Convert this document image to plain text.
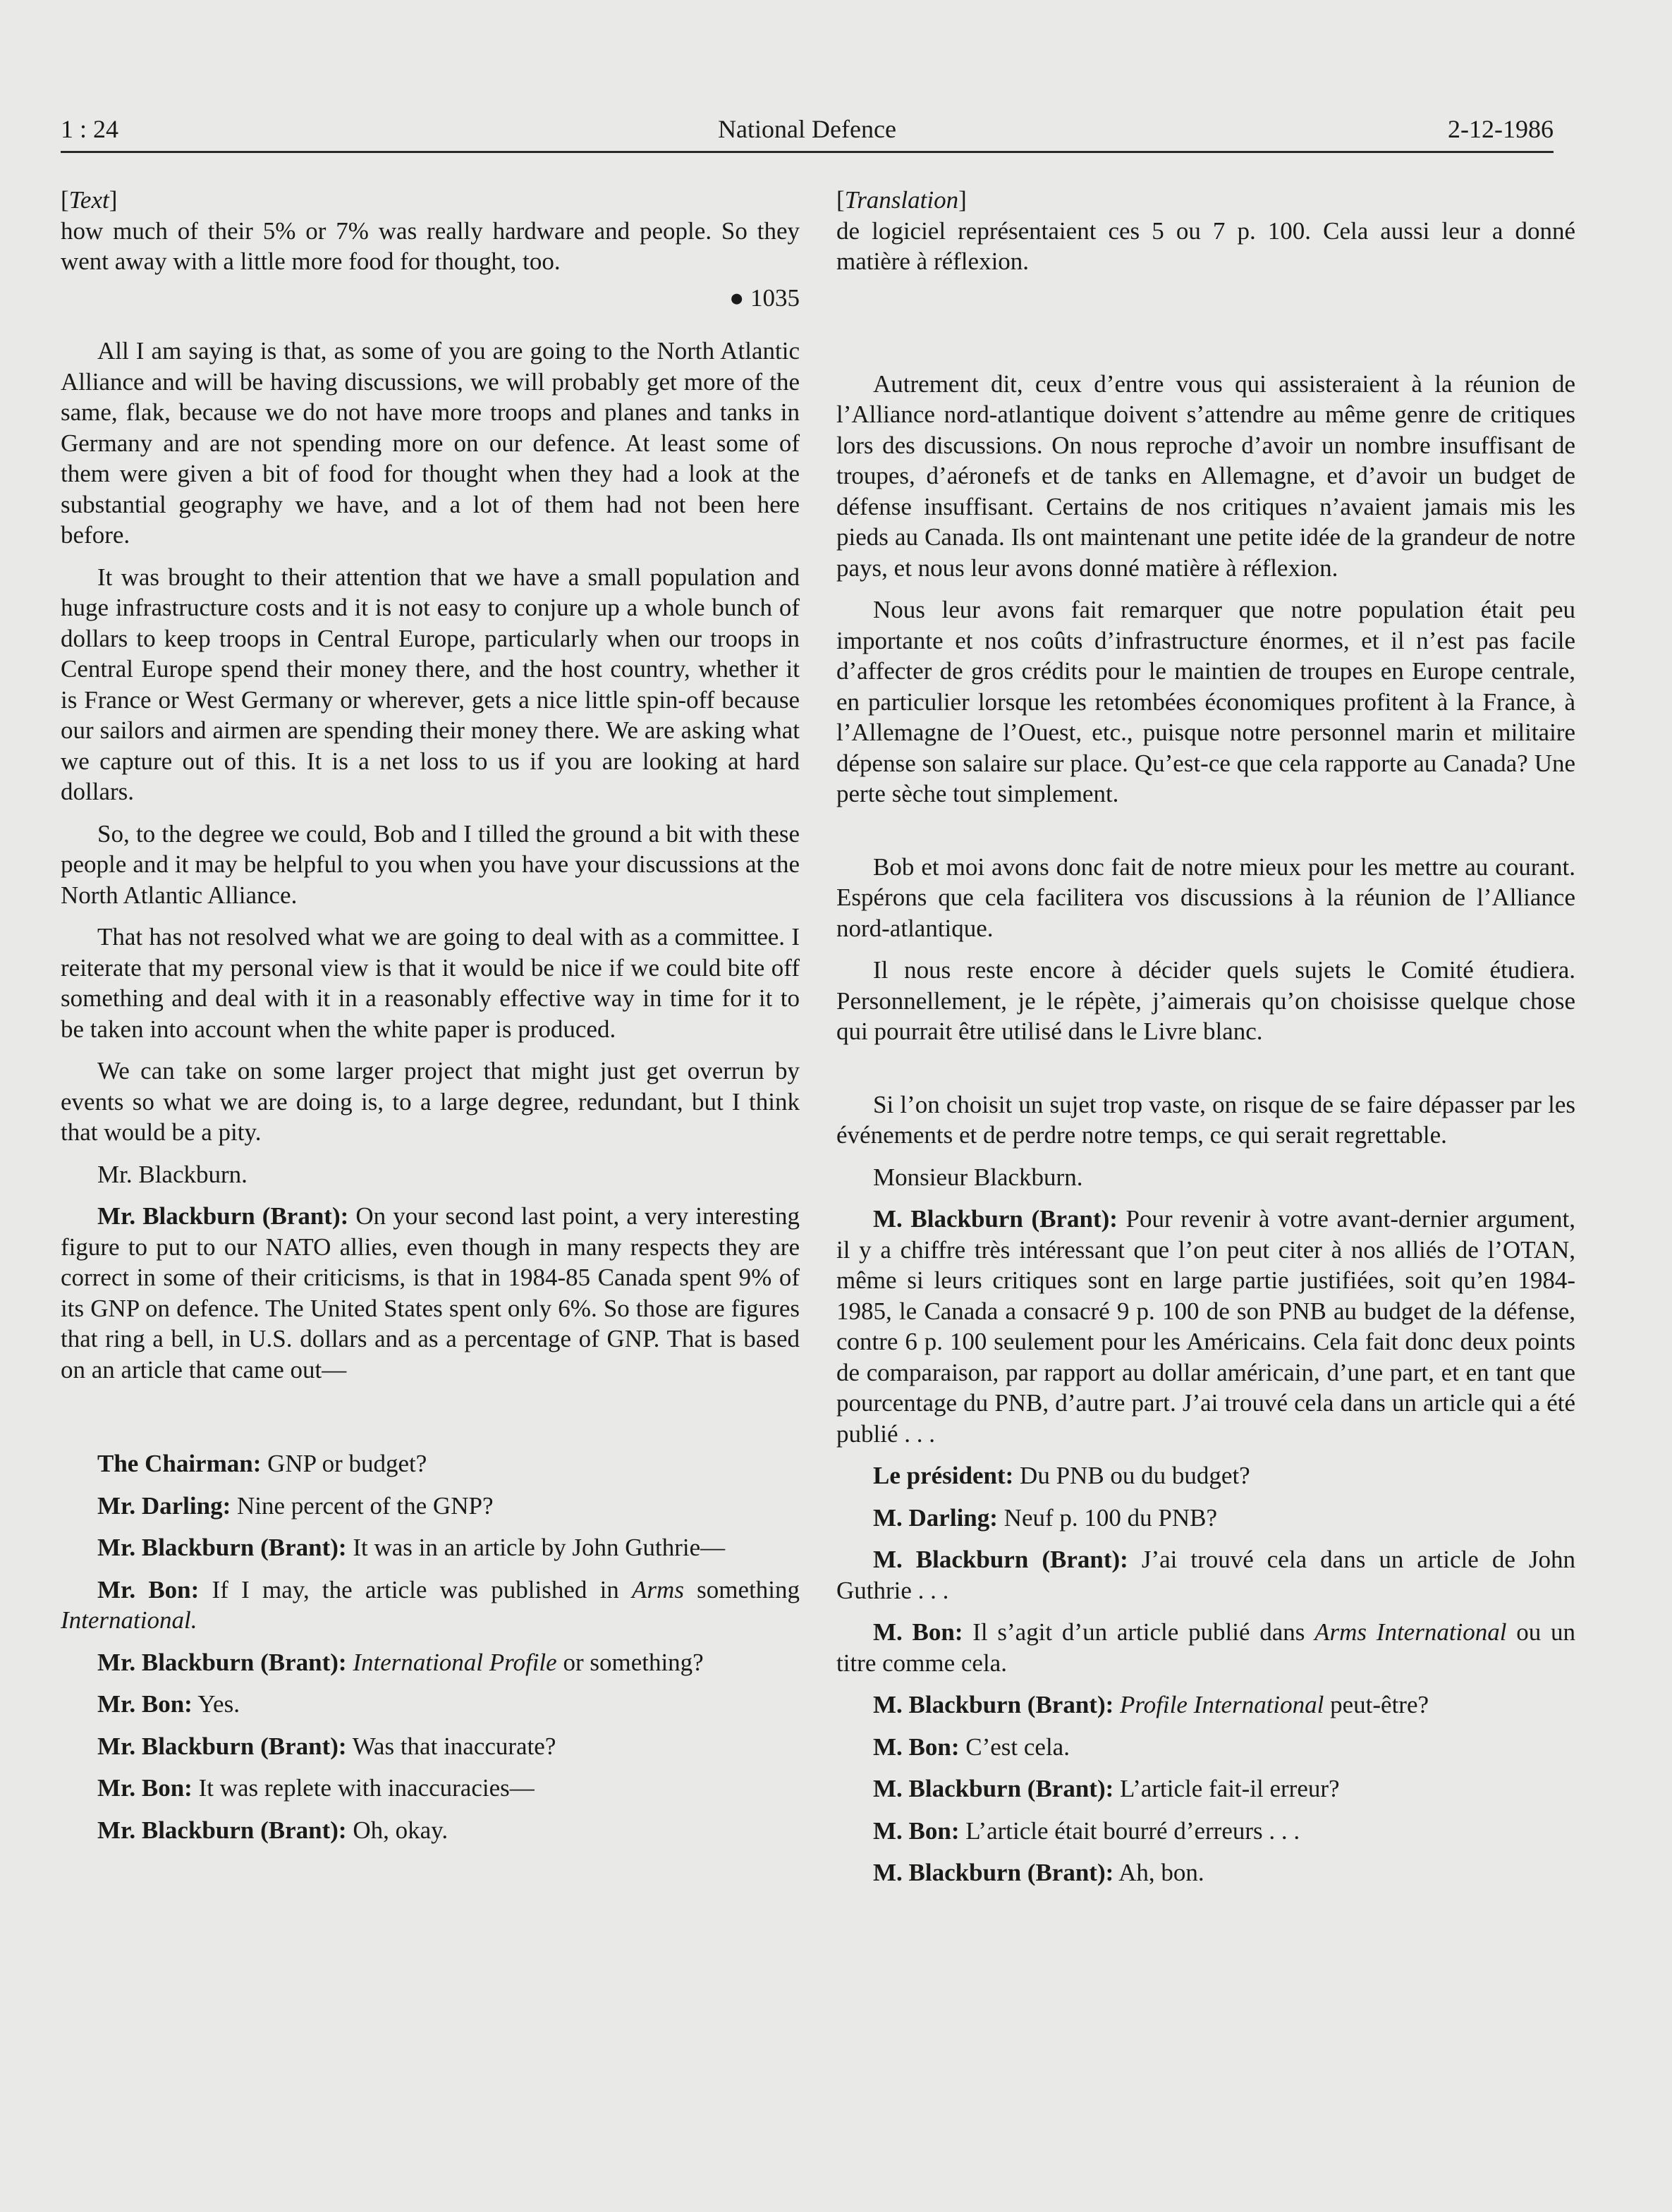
1 : 24	National Defence	2-12-1986

[Text]

how much of their 5% or 7% was really hardware and people. So they went away with a little more food for thought, too.

● 1035

All I am saying is that, as some of you are going to the North Atlantic Alliance and will be having discussions, we will probably get more of the same, flak, because we do not have more troops and planes and tanks in Germany and are not spending more on our defence. At least some of them were given a bit of food for thought when they had a look at the substantial geography we have, and a lot of them had not been here before.

It was brought to their attention that we have a small population and huge infrastructure costs and it is not easy to conjure up a whole bunch of dollars to keep troops in Central Europe, particularly when our troops in Central Europe spend their money there, and the host country, whether it is France or West Germany or wherever, gets a nice little spin-off because our sailors and airmen are spending their money there. We are asking what we capture out of this. It is a net loss to us if you are looking at hard dollars.

So, to the degree we could, Bob and I tilled the ground a bit with these people and it may be helpful to you when you have your discussions at the North Atlantic Alliance.

That has not resolved what we are going to deal with as a committee. I reiterate that my personal view is that it would be nice if we could bite off something and deal with it in a reasonably effective way in time for it to be taken into account when the white paper is produced.

We can take on some larger project that might just get overrun by events so what we are doing is, to a large degree, redundant, but I think that would be a pity.

Mr. Blackburn.

Mr. Blackburn (Brant): On your second last point, a very interesting figure to put to our NATO allies, even though in many respects they are correct in some of their criticisms, is that in 1984-85 Canada spent 9% of its GNP on defence. The United States spent only 6%. So those are figures that ring a bell, in U.S. dollars and as a percentage of GNP. That is based on an article that came out—

The Chairman: GNP or budget?

Mr. Darling: Nine percent of the GNP?

Mr. Blackburn (Brant): It was in an article by John Guthrie—

Mr. Bon: If I may, the article was published in Arms something International.

Mr. Blackburn (Brant): International Profile or something?

Mr. Bon: Yes.

Mr. Blackburn (Brant): Was that inaccurate?

Mr. Bon: It was replete with inaccuracies—

Mr. Blackburn (Brant): Oh, okay.

[Translation]

de logiciel représentaient ces 5 ou 7 p. 100. Cela aussi leur a donné matière à réflexion.

Autrement dit, ceux d’entre vous qui assisteraient à la réunion de l’Alliance nord-atlantique doivent s’attendre au même genre de critiques lors des discussions. On nous reproche d’avoir un nombre insuffisant de troupes, d’aéronefs et de tanks en Allemagne, et d’avoir un budget de défense insuffisant. Certains de nos critiques n’avaient jamais mis les pieds au Canada. Ils ont maintenant une petite idée de la grandeur de notre pays, et nous leur avons donné matière à réflexion.

Nous leur avons fait remarquer que notre population était peu importante et nos coûts d’infrastructure énormes, et il n’est pas facile d’affecter de gros crédits pour le maintien de troupes en Europe centrale, en particulier lorsque les retombées économiques profitent à la France, à l’Allemagne de l’Ouest, etc., puisque notre personnel marin et militaire dépense son salaire sur place. Qu’est-ce que cela rapporte au Canada? Une perte sèche tout simplement.

Bob et moi avons donc fait de notre mieux pour les mettre au courant. Espérons que cela facilitera vos discussions à la réunion de l’Alliance nord-atlantique.

Il nous reste encore à décider quels sujets le Comité étudiera. Personnellement, je le répète, j’aimerais qu’on choisisse quelque chose qui pourrait être utilisé dans le Livre blanc.

Si l’on choisit un sujet trop vaste, on risque de se faire dépasser par les événements et de perdre notre temps, ce qui serait regrettable.

Monsieur Blackburn.

M. Blackburn (Brant): Pour revenir à votre avant-dernier argument, il y a chiffre très intéressant que l’on peut citer à nos alliés de l’OTAN, même si leurs critiques sont en large partie justifiées, soit qu’en 1984-1985, le Canada a consacré 9 p. 100 de son PNB au budget de la défense, contre 6 p. 100 seulement pour les Américains. Cela fait donc deux points de comparaison, par rapport au dollar américain, d’une part, et en tant que pourcentage du PNB, d’autre part. J’ai trouvé cela dans un article qui a été publié . . .

Le président: Du PNB ou du budget?

M. Darling: Neuf p. 100 du PNB?

M. Blackburn (Brant): J’ai trouvé cela dans un article de John Guthrie . . .

M. Bon: Il s’agit d’un article publié dans Arms International ou un titre comme cela.

M. Blackburn (Brant): Profile International peut-être?

M. Bon: C’est cela.

M. Blackburn (Brant): L’article fait-il erreur?

M. Bon: L’article était bourré d’erreurs . . .

M. Blackburn (Brant): Ah, bon.
